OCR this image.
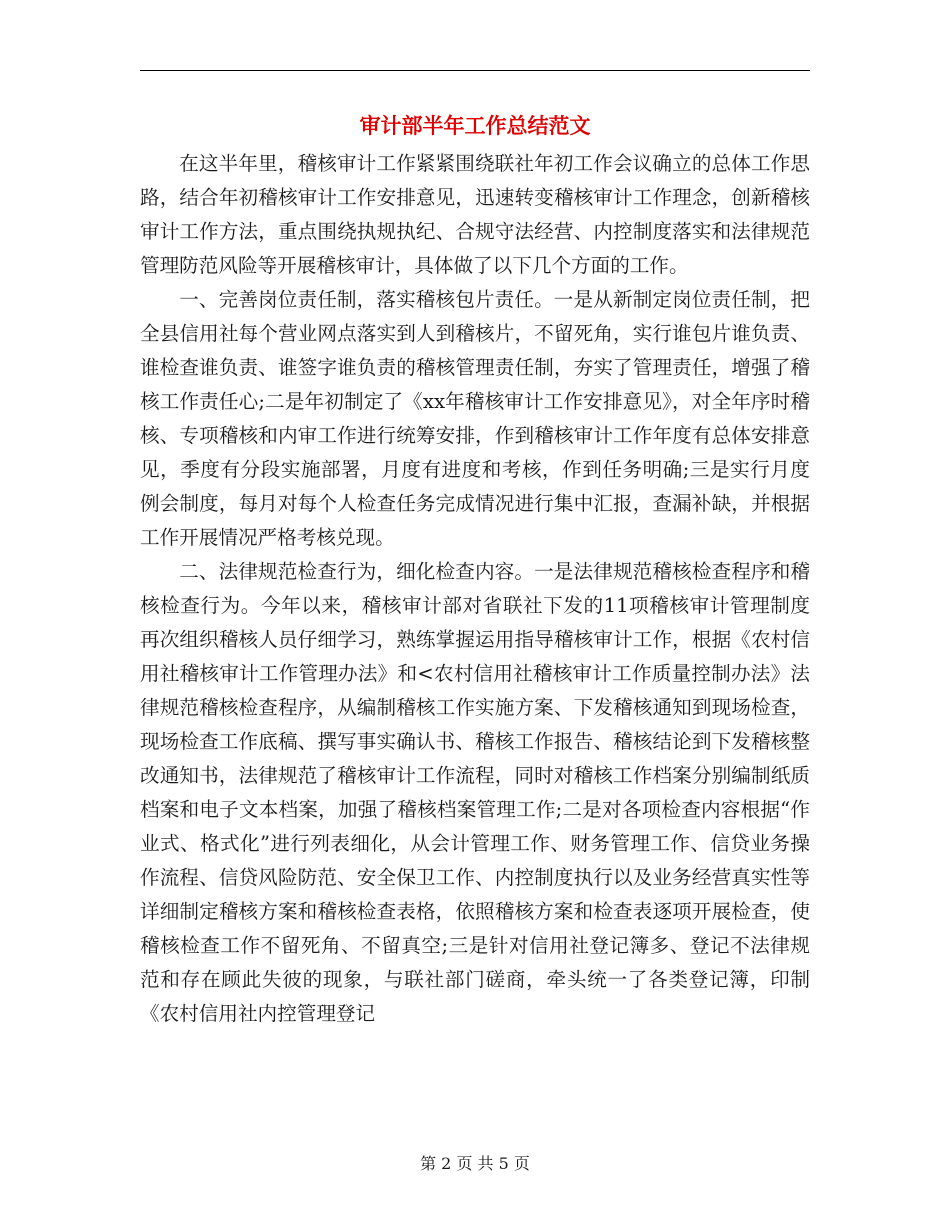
审计部半年工作总结范文

在这半年里，稽核审计工作紧紧围绕联社年初工作会议确立的总体工作思路，结合年初稽核审计工作安排意见，迅速转变稽核审计工作理念，创新稽核审计工作方法，重点围绕执规执纪、合规守法经营、内控制度落实和法律规范管理防范风险等开展稽核审计，具体做了以下几个方面的工作。

一、完善岗位责任制，落实稽核包片责任。一是从新制定岗位责任制，把全县信用社每个营业网点落实到人到稽核片，不留死角，实行谁包片谁负责、谁检查谁负责、谁签字谁负责的稽核管理责任制，夯实了管理责任，增强了稽核工作责任心;二是年初制定了《xx年稽核审计工作安排意见》，对全年序时稽核、专项稽核和内审工作进行统筹安排，作到稽核审计工作年度有总体安排意见，季度有分段实施部署，月度有进度和考核，作到任务明确;三是实行月度例会制度，每月对每个人检查任务完成情况进行集中汇报，查漏补缺，并根据工作开展情况严格考核兑现。

二、法律规范检查行为，细化检查内容。一是法律规范稽核检查程序和稽核检查行为。今年以来，稽核审计部对省联社下发的11项稽核审计管理制度再次组织稽核人员仔细学习，熟练掌握运用指导稽核审计工作，根据《农村信用社稽核审计工作管理办法》和<农村信用社稽核审计工作质量控制办法》法律规范稽核检查程序，从编制稽核工作实施方案、下发稽核通知到现场检查，现场检查工作底稿、撰写事实确认书、稽核工作报告、稽核结论到下发稽核整改通知书，法律规范了稽核审计工作流程，同时对稽核工作档案分别编制纸质档案和电子文本档案，加强了稽核档案管理工作;二是对各项检查内容根据“作业式、格式化”进行列表细化，从会计管理工作、财务管理工作、信贷业务操作流程、信贷风险防范、安全保卫工作、内控制度执行以及业务经营真实性等详细制定稽核方案和稽核检查表格，依照稽核方案和检查表逐项开展检查，使稽核检查工作不留死角、不留真空;三是针对信用社登记簿多、登记不法律规范和存在顾此失彼的现象，与联社部门磋商，牵头统一了各类登记簿，印制《农村信用社内控管理登记

第 2 页 共 5 页
